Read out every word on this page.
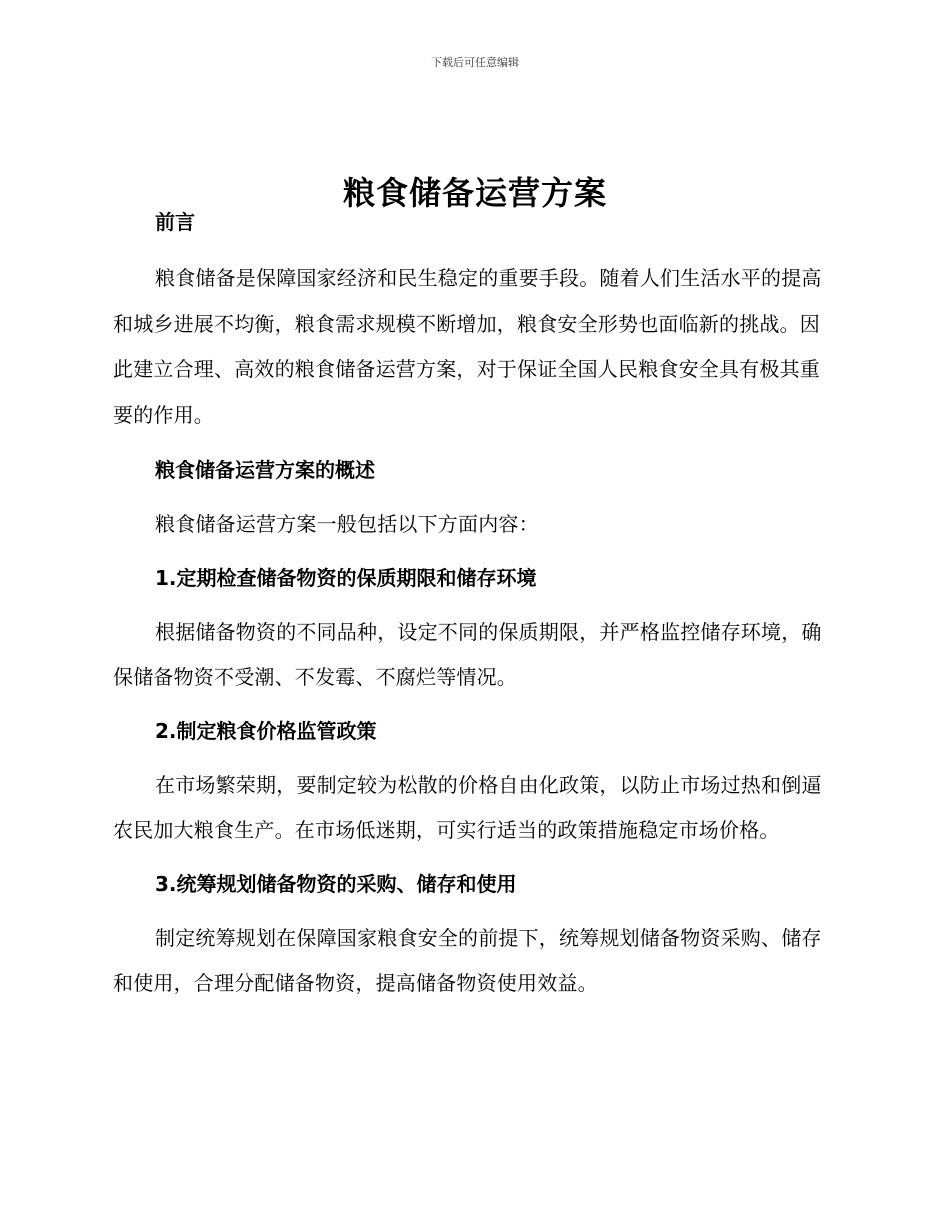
下载后可任意编辑
粮食储备运营方案

前言

粮食储备是保障国家经济和民生稳定的重要手段。随着人们生活水平的提高和城乡进展不均衡，粮食需求规模不断增加，粮食安全形势也面临新的挑战。因此建立合理、高效的粮食储备运营方案，对于保证全国人民粮食安全具有极其重要的作用。

粮食储备运营方案的概述

粮食储备运营方案一般包括以下方面内容：

1.定期检查储备物资的保质期限和储存环境

根据储备物资的不同品种，设定不同的保质期限，并严格监控储存环境，确保储备物资不受潮、不发霉、不腐烂等情况。

2.制定粮食价格监管政策

在市场繁荣期，要制定较为松散的价格自由化政策，以防止市场过热和倒逼农民加大粮食生产。在市场低迷期，可实行适当的政策措施稳定市场价格。

3.统筹规划储备物资的采购、储存和使用

制定统筹规划在保障国家粮食安全的前提下，统筹规划储备物资采购、储存和使用，合理分配储备物资，提高储备物资使用效益。
